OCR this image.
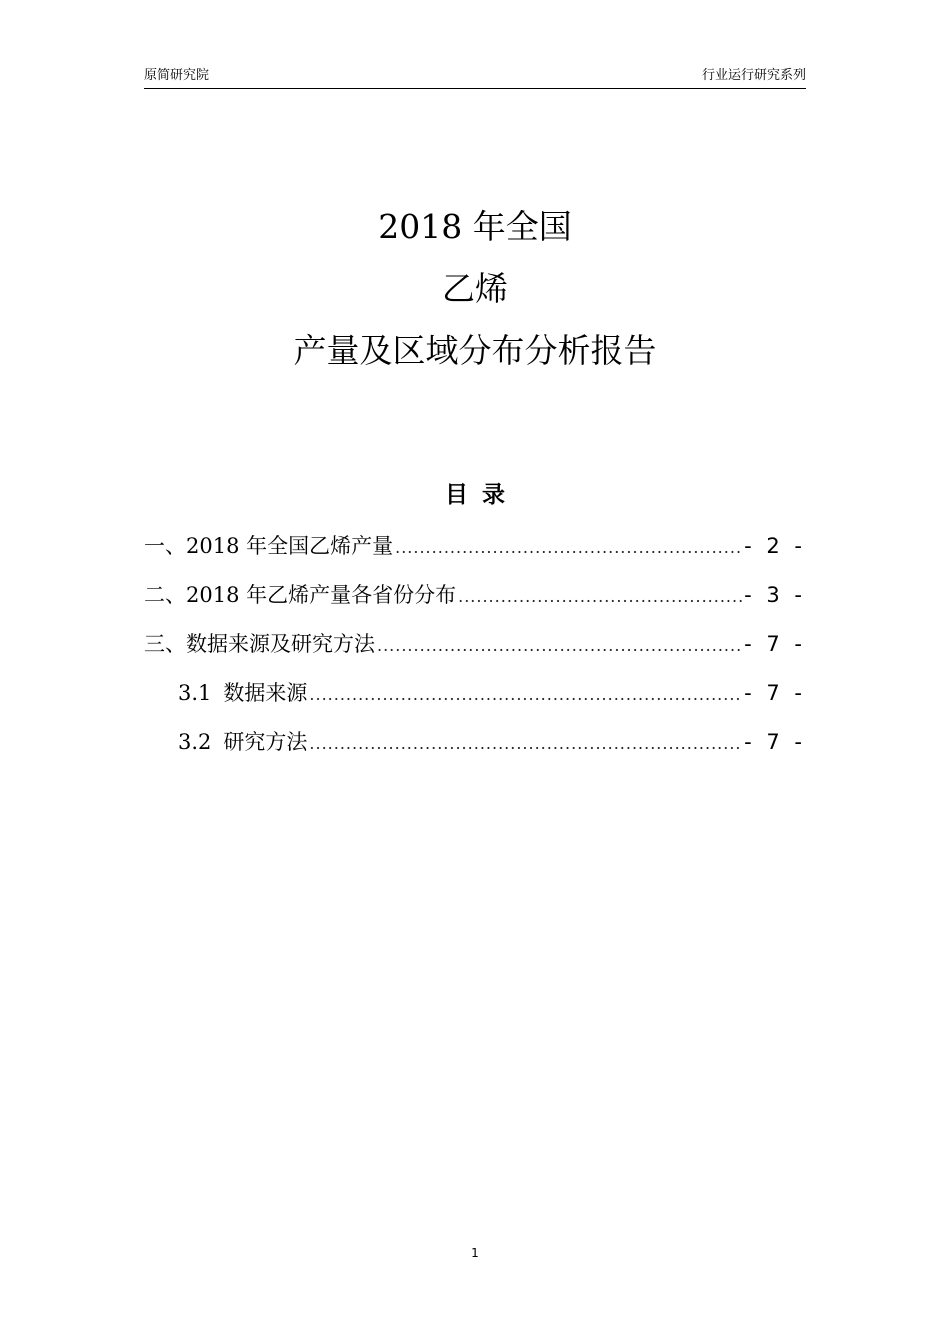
原简研究院	行业运行研究系列
2018 年全国
乙烯
产量及区域分布分析报告
目录
一、2018 年全国乙烯产量 .....	- 2 -
二、2018 年乙烯产量各省份分布 .....	- 3 -
三、数据来源及研究方法 .....	- 7 -
3.1 数据来源 .....	- 7 -
3.2 研究方法 .....	- 7 -
1
